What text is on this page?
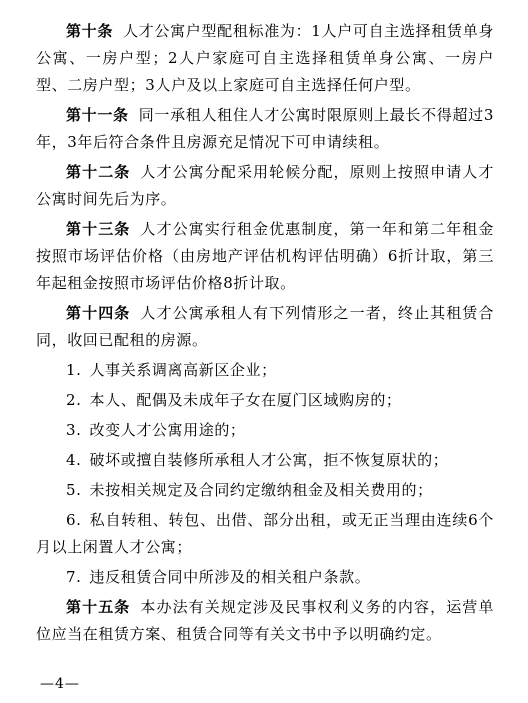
第十条 人才公寓户型配租标准为：1人户可自主选择租赁单身公寓、一房户型；2人户家庭可自主选择租赁单身公寓、一房户型、二房户型；3人户及以上家庭可自主选择任何户型。

第十一条 同一承租人租住人才公寓时限原则上最长不得超过3年，3年后符合条件且房源充足情况下可申请续租。

第十二条 人才公寓分配采用轮候分配，原则上按照申请人才公寓时间先后为序。

第十三条 人才公寓实行租金优惠制度，第一年和第二年租金按照市场评估价格（由房地产评估机构评估明确）6折计取，第三年起租金按照市场评估价格8折计取。

第十四条 人才公寓承租人有下列情形之一者，终止其租赁合同，收回已配租的房源。

1. 人事关系调离高新区企业；

2. 本人、配偶及未成年子女在厦门区域购房的；

3. 改变人才公寓用途的；

4. 破坏或擅自装修所承租人才公寓，拒不恢复原状的；

5. 未按相关规定及合同约定缴纳租金及相关费用的；

6. 私自转租、转包、出借、部分出租，或无正当理由连续6个月以上闲置人才公寓；

7. 违反租赁合同中所涉及的相关租户条款。

第十五条 本办法有关规定涉及民事权利义务的内容，运营单位应当在租赁方案、租赁合同等有关文书中予以明确约定。

—4—
